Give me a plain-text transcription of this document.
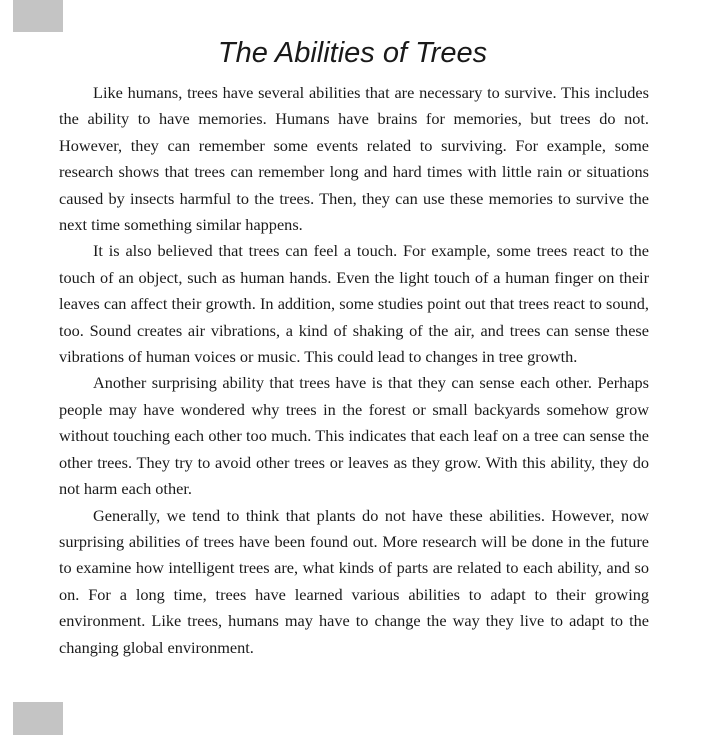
The Abilities of Trees

Like humans, trees have several abilities that are necessary to survive. This includes the ability to have memories. Humans have brains for memories, but trees do not. However, they can remember some events related to surviving. For example, some research shows that trees can remember long and hard times with little rain or situations caused by insects harmful to the trees. Then, they can use these memories to survive the next time something similar happens.

It is also believed that trees can feel a touch. For example, some trees react to the touch of an object, such as human hands. Even the light touch of a human finger on their leaves can affect their growth. In addition, some studies point out that trees react to sound, too. Sound creates air vibrations, a kind of shaking of the air, and trees can sense these vibrations of human voices or music. This could lead to changes in tree growth.

Another surprising ability that trees have is that they can sense each other. Perhaps people may have wondered why trees in the forest or small backyards somehow grow without touching each other too much. This indicates that each leaf on a tree can sense the other trees. They try to avoid other trees or leaves as they grow. With this ability, they do not harm each other.

Generally, we tend to think that plants do not have these abilities. However, now surprising abilities of trees have been found out. More research will be done in the future to examine how intelligent trees are, what kinds of parts are related to each ability, and so on. For a long time, trees have learned various abilities to adapt to their growing environment. Like trees, humans may have to change the way they live to adapt to the changing global environment.
